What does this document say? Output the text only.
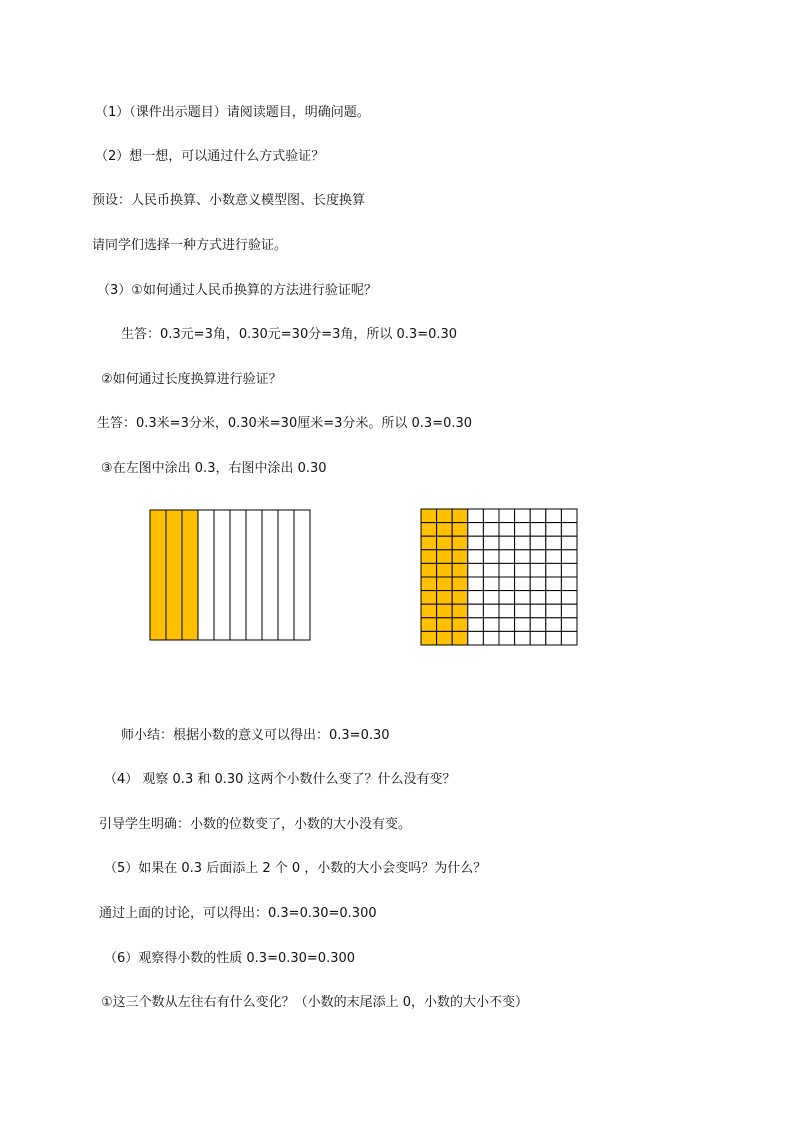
（1）（课件出示题目）请阅读题目，明确问题。
（2）想一想，可以通过什么方式验证？
预设：人民币换算、小数意义模型图、长度换算
请同学们选择一种方式进行验证。
（3）①如何通过人民币换算的方法进行验证呢？
生答：0.3元=3角，0.30元=30分=3角，所以 0.3=0.30
②如何通过长度换算进行验证？
生答：0.3米=3分米，0.30米=30厘米=3分米。所以 0.3=0.30
③在左图中涂出 0.3，右图中涂出 0.30
师小结：根据小数的意义可以得出：0.3=0.30
（4） 观察 0.3 和 0.30 这两个小数什么变了？什么没有变？
引导学生明确：小数的位数变了，小数的大小没有变。
（5）如果在 0.3 后面添上 2 个 0 ，小数的大小会变吗？为什么？
通过上面的讨论，可以得出：0.3=0.30=0.300
（6）观察得小数的性质 0.3=0.30=0.300
①这三个数从左往右有什么变化？（小数的末尾添上 0，小数的大小不变）
